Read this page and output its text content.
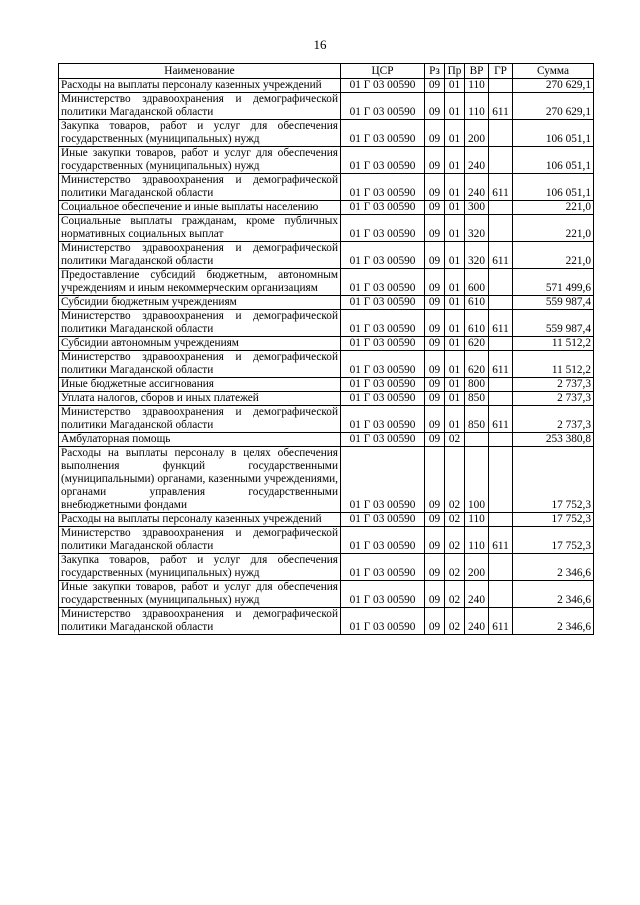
16
Наименование	ЦСР	Рз	Пр	ВР	ГР	Сумма
Расходы на выплаты персоналу казенных учреждений	01 Г 03 00590	09	01	110		270 629,1
Министерство здравоохранения и демографической политики Магаданской области	01 Г 03 00590	09	01	110	611	270 629,1
Закупка товаров, работ и услуг для обеспечения государственных (муниципальных) нужд	01 Г 03 00590	09	01	200		106 051,1
Иные закупки товаров, работ и услуг для обеспечения государственных (муниципальных) нужд	01 Г 03 00590	09	01	240		106 051,1
Министерство здравоохранения и демографической политики Магаданской области	01 Г 03 00590	09	01	240	611	106 051,1
Социальное обеспечение и иные выплаты населению	01 Г 03 00590	09	01	300		221,0
Социальные выплаты гражданам, кроме публичных нормативных социальных выплат	01 Г 03 00590	09	01	320		221,0
Министерство здравоохранения и демографической политики Магаданской области	01 Г 03 00590	09	01	320	611	221,0
Предоставление субсидий бюджетным, автономным учреждениям и иным некоммерческим организациям	01 Г 03 00590	09	01	600		571 499,6
Субсидии бюджетным учреждениям	01 Г 03 00590	09	01	610		559 987,4
Министерство здравоохранения и демографической политики Магаданской области	01 Г 03 00590	09	01	610	611	559 987,4
Субсидии автономным учреждениям	01 Г 03 00590	09	01	620		11 512,2
Министерство здравоохранения и демографической политики Магаданской области	01 Г 03 00590	09	01	620	611	11 512,2
Иные бюджетные ассигнования	01 Г 03 00590	09	01	800		2 737,3
Уплата налогов, сборов и иных платежей	01 Г 03 00590	09	01	850		2 737,3
Министерство здравоохранения и демографической политики Магаданской области	01 Г 03 00590	09	01	850	611	2 737,3
Амбулаторная помощь	01 Г 03 00590	09	02			253 380,8
Расходы на выплаты персоналу в целях обеспечения выполнения функций государственными (муниципальными) органами, казенными учреждениями, органами управления государственными внебюджетными фондами	01 Г 03 00590	09	02	100		17 752,3
Расходы на выплаты персоналу казенных учреждений	01 Г 03 00590	09	02	110		17 752,3
Министерство здравоохранения и демографической политики Магаданской области	01 Г 03 00590	09	02	110	611	17 752,3
Закупка товаров, работ и услуг для обеспечения государственных (муниципальных) нужд	01 Г 03 00590	09	02	200		2 346,6
Иные закупки товаров, работ и услуг для обеспечения государственных (муниципальных) нужд	01 Г 03 00590	09	02	240		2 346,6
Министерство здравоохранения и демографической политики Магаданской области	01 Г 03 00590	09	02	240	611	2 346,6
